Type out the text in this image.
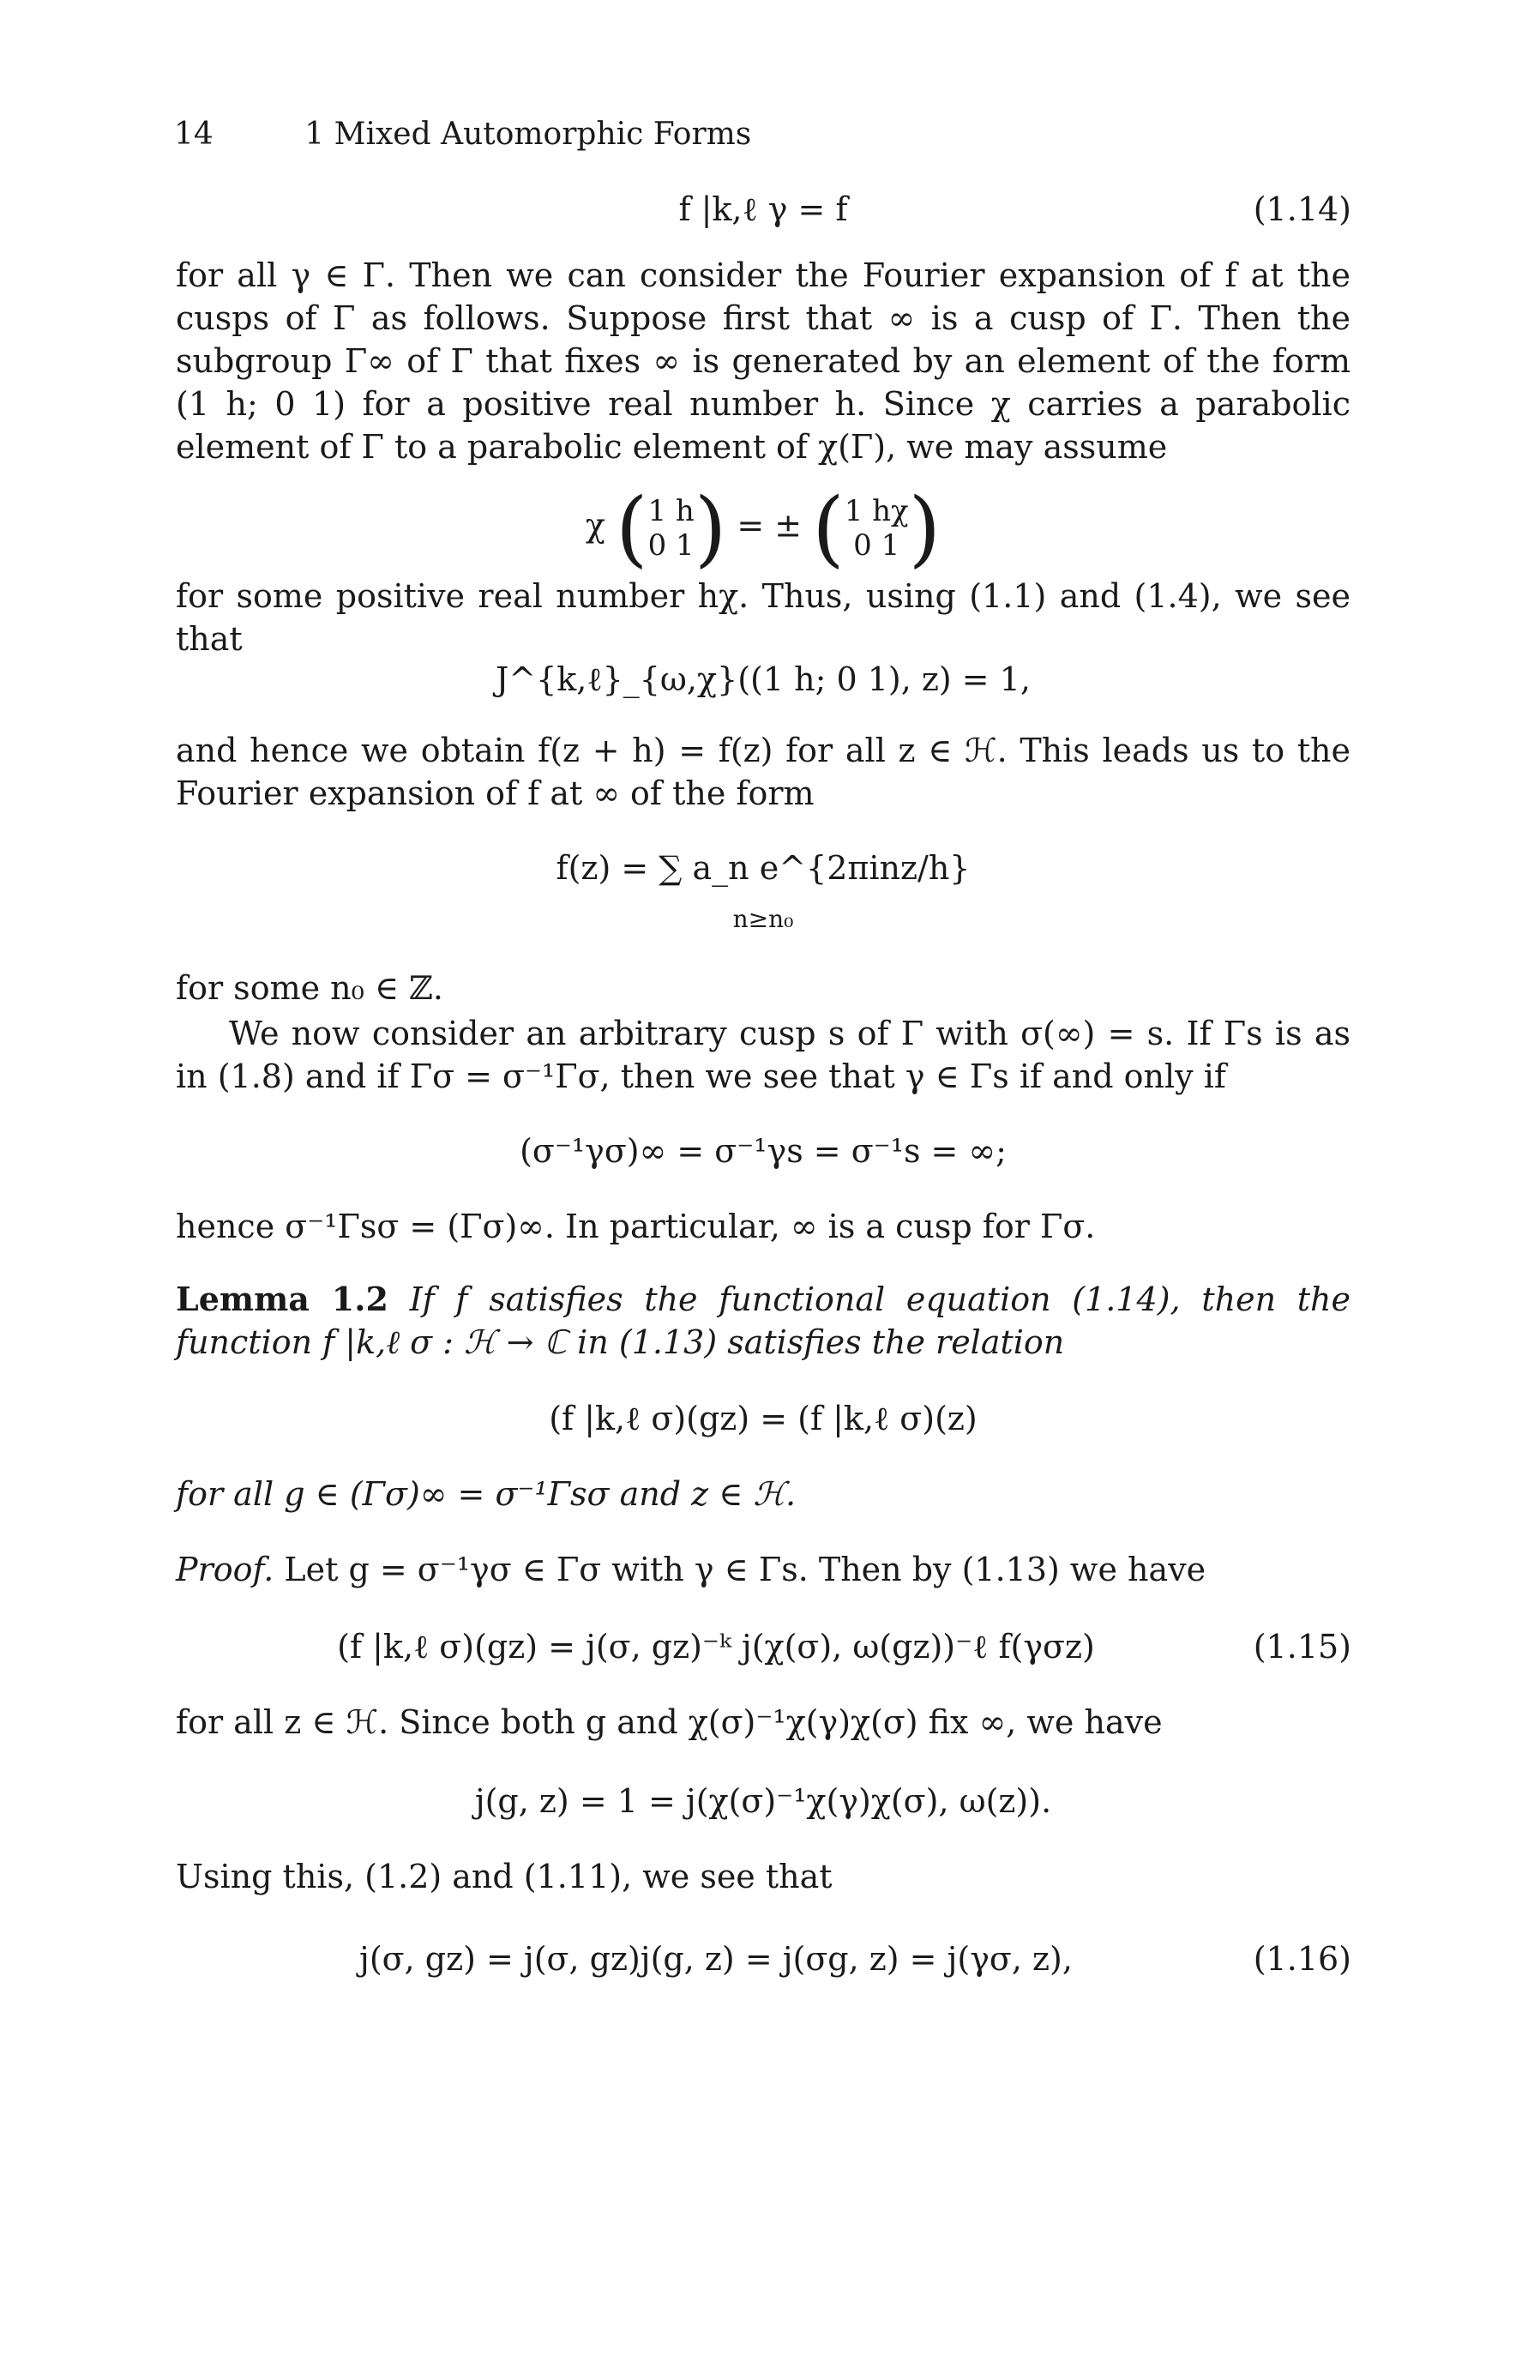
14	1 Mixed Automorphic Forms
f |k,ℓ γ = f	(1.14)
for all γ ∈ Γ. Then we can consider the Fourier expansion of f at the cusps of Γ as follows. Suppose first that ∞ is a cusp of Γ. Then the subgroup Γ∞ of Γ that fixes ∞ is generated by an element of the form (1 h; 0 1) for a positive real number h. Since χ carries a parabolic element of Γ to a parabolic element of χ(Γ), we may assume
χ (1 h
0 1) = ± (1 hχ
0 1 )
for some positive real number hχ. Thus, using (1.1) and (1.4), we see that
J^{k,ℓ}_{ω,χ}((1 h; 0 1), z) = 1,
and hence we obtain f(z + h) = f(z) for all z ∈ ℋ. This leads us to the Fourier expansion of f at ∞ of the form
f(z) = ∑ a_n e^{2πinz/h}
n≥n₀
for some n₀ ∈ ℤ.
We now consider an arbitrary cusp s of Γ with σ(∞) = s. If Γs is as in (1.8) and if Γσ = σ⁻¹Γσ, then we see that γ ∈ Γs if and only if
(σ⁻¹γσ)∞ = σ⁻¹γs = σ⁻¹s = ∞;
hence σ⁻¹Γsσ = (Γσ)∞. In particular, ∞ is a cusp for Γσ.
Lemma 1.2 If f satisfies the functional equation (1.14), then the function f |k,ℓ σ : ℋ → ℂ in (1.13) satisfies the relation
(f |k,ℓ σ)(gz) = (f |k,ℓ σ)(z)
for all g ∈ (Γσ)∞ = σ⁻¹Γsσ and z ∈ ℋ.
Proof. Let g = σ⁻¹γσ ∈ Γσ with γ ∈ Γs. Then by (1.13) we have
(f |k,ℓ σ)(gz) = j(σ, gz)⁻ᵏ j(χ(σ), ω(gz))⁻ℓ f(γσz)	(1.15)
for all z ∈ ℋ. Since both g and χ(σ)⁻¹χ(γ)χ(σ) fix ∞, we have
j(g, z) = 1 = j(χ(σ)⁻¹χ(γ)χ(σ), ω(z)).
Using this, (1.2) and (1.11), we see that
j(σ, gz) = j(σ, gz)j(g, z) = j(σg, z) = j(γσ, z),	(1.16)
